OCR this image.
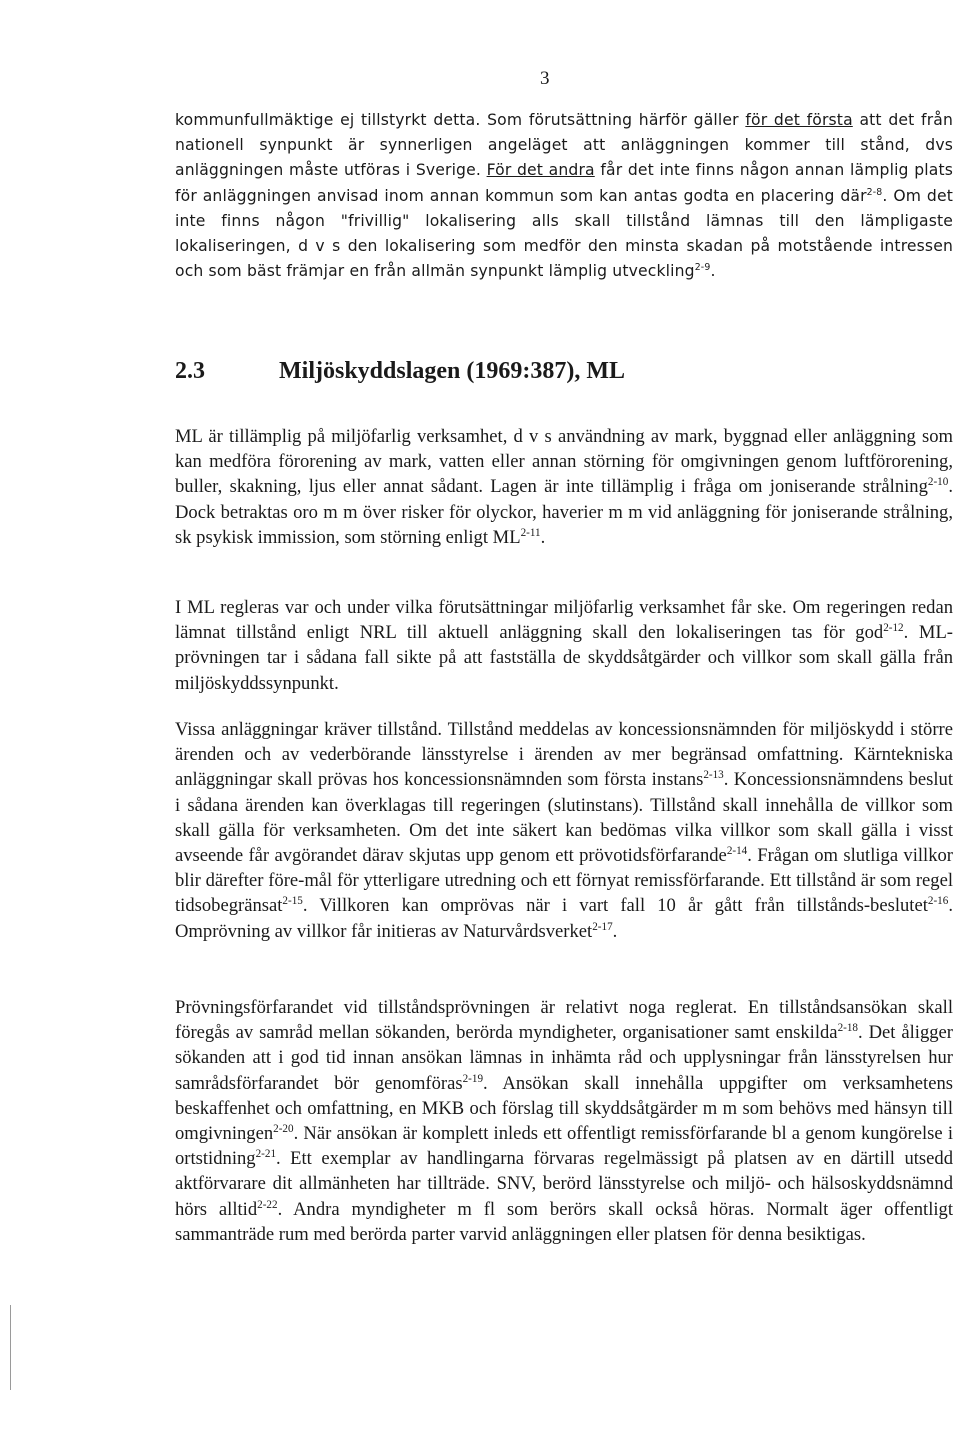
3

kommunfullmäktige ej tillstyrkt detta. Som förutsättning härför gäller för det första att det från nationell synpunkt är synnerligen angeläget att anläggningen kommer till stånd, dvs anläggningen måste utföras i Sverige. För det andra får det inte finns någon annan lämplig plats för anläggningen anvisad inom annan kommun som kan antas godta en placering där$^{2-8}$. Om det inte finns någon "frivillig" lokalisering alls skall tillstånd lämnas till den lämpligaste lokaliseringen, d v s den lokalisering som medför den minsta skadan på motstående intressen och som bäst främjar en från allmän synpunkt lämplig utveckling$^{2-9}$.

2.3	Miljöskyddslagen (1969:387), ML

ML är tillämplig på miljöfarlig verksamhet, d v s användning av mark, byggnad eller anläggning som kan medföra förorening av mark, vatten eller annan störning för omgivningen genom luftförorening, buller, skakning, ljus eller annat sådant. Lagen är inte tillämplig i fråga om joniserande strålning$^{2-10}$. Dock betraktas oro m m över risker för olyckor, haverier m m vid anläggning för joniserande strålning, sk psykisk immission, som störning enligt ML$^{2-11}$.

I ML regleras var och under vilka förutsättningar miljöfarlig verksamhet får ske. Om regeringen redan lämnat tillstånd enligt NRL till aktuell anläggning skall den lokaliseringen tas för god$^{2-12}$. ML-prövningen tar i sådana fall sikte på att fastställa de skyddsåtgärder och villkor som skall gälla från miljöskyddssynpunkt.

Vissa anläggningar kräver tillstånd. Tillstånd meddelas av koncessionsnämnden för miljöskydd i större ärenden och av vederbörande länsstyrelse i ärenden av mer begränsad omfattning. Kärntekniska anläggningar skall prövas hos koncessionsnämnden som första instans$^{2-13}$. Koncessionsnämndens beslut i sådana ärenden kan överklagas till regeringen (slutinstans). Tillstånd skall innehålla de villkor som skall gälla för verksamheten. Om det inte säkert kan bedömas vilka villkor som skall gälla i visst avseende får avgörandet därav skjutas upp genom ett prövotidsförfarande$^{2-14}$. Frågan om slutliga villkor blir därefter före-mål för ytterligare utredning och ett förnyat remissförfarande. Ett tillstånd är som regel tidsobegränsat$^{2-15}$. Villkoren kan omprövas när i vart fall 10 år gått från tillstånds-beslutet$^{2-16}$. Omprövning av villkor får initieras av Naturvårdsverket$^{2-17}$.

Prövningsförfarandet vid tillståndsprövningen är relativt noga reglerat. En tillståndsansökan skall föregås av samråd mellan sökanden, berörda myndigheter, organisationer samt enskilda$^{2-18}$. Det åligger sökanden att i god tid innan ansökan lämnas in inhämta råd och upplysningar från länsstyrelsen hur samrådsförfarandet bör genomföras$^{2-19}$. Ansökan skall innehålla uppgifter om verksamhetens beskaffenhet och omfattning, en MKB och förslag till skyddsåtgärder m m som behövs med hänsyn till omgivningen$^{2-20}$. När ansökan är komplett inleds ett offentligt remissförfarande bl a genom kungörelse i ortstidning$^{2-21}$. Ett exemplar av handlingarna förvaras regelmässigt på platsen av en därtill utsedd aktförvarare dit allmänheten har tillträde. SNV, berörd länsstyrelse och miljö- och hälsoskyddsnämnd hörs alltid$^{2-22}$. Andra myndigheter m fl som berörs skall också höras. Normalt äger offentligt sammanträde rum med berörda parter varvid anläggningen eller platsen för denna besiktigas.
